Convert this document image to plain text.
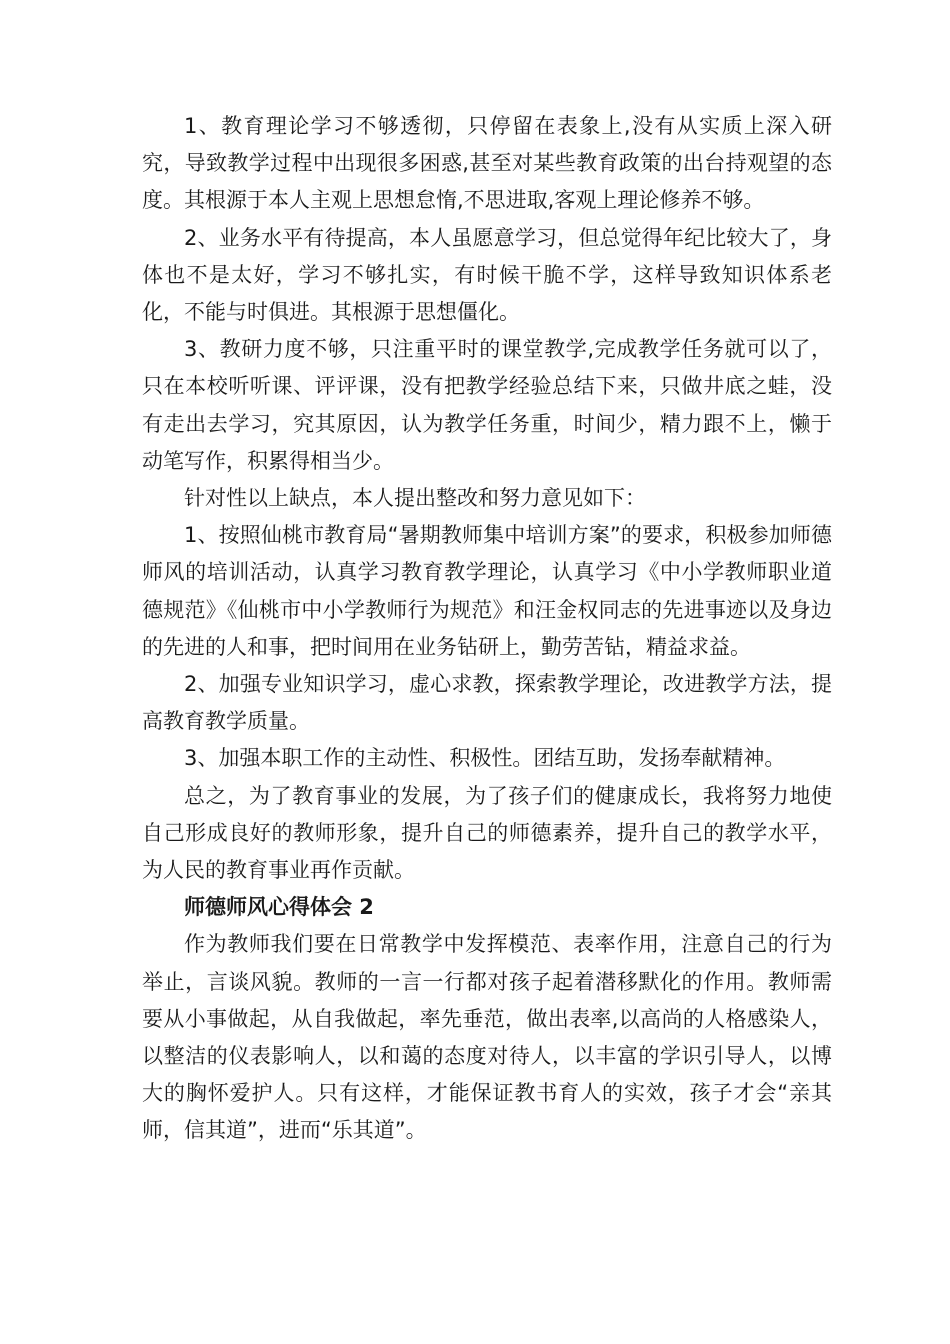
1、教育理论学习不够透彻，只停留在表象上,没有从实质上深入研究，导致教学过程中出现很多困惑,甚至对某些教育政策的出台持观望的态度。其根源于本人主观上思想怠惰,不思进取,客观上理论修养不够。

2、业务水平有待提高，本人虽愿意学习，但总觉得年纪比较大了，身体也不是太好，学习不够扎实，有时候干脆不学，这样导致知识体系老化，不能与时俱进。其根源于思想僵化。

3、教研力度不够，只注重平时的课堂教学,完成教学任务就可以了，只在本校听听课、评评课，没有把教学经验总结下来，只做井底之蛙，没有走出去学习，究其原因，认为教学任务重，时间少，精力跟不上，懒于动笔写作，积累得相当少。

针对性以上缺点，本人提出整改和努力意见如下：

1、按照仙桃市教育局“暑期教师集中培训方案”的要求，积极参加师德师风的培训活动，认真学习教育教学理论，认真学习《中小学教师职业道德规范》《仙桃市中小学教师行为规范》和汪金权同志的先进事迹以及身边的先进的人和事，把时间用在业务钻研上，勤劳苦钻，精益求益。

2、加强专业知识学习，虚心求教，探索教学理论，改进教学方法，提高教育教学质量。

3、加强本职工作的主动性、积极性。团结互助，发扬奉献精神。

总之，为了教育事业的发展，为了孩子们的健康成长，我将努力地使自己形成良好的教师形象，提升自己的师德素养，提升自己的教学水平，为人民的教育事业再作贡献。

师德师风心得体会 2

作为教师我们要在日常教学中发挥模范、表率作用，注意自己的行为举止，言谈风貌。教师的一言一行都对孩子起着潜移默化的作用。教师需要从小事做起，从自我做起，率先垂范，做出表率,以高尚的人格感染人，以整洁的仪表影响人，以和蔼的态度对待人，以丰富的学识引导人，以博大的胸怀爱护人。只有这样，才能保证教书育人的实效，孩子才会“亲其师，信其道”，进而“乐其道”。
